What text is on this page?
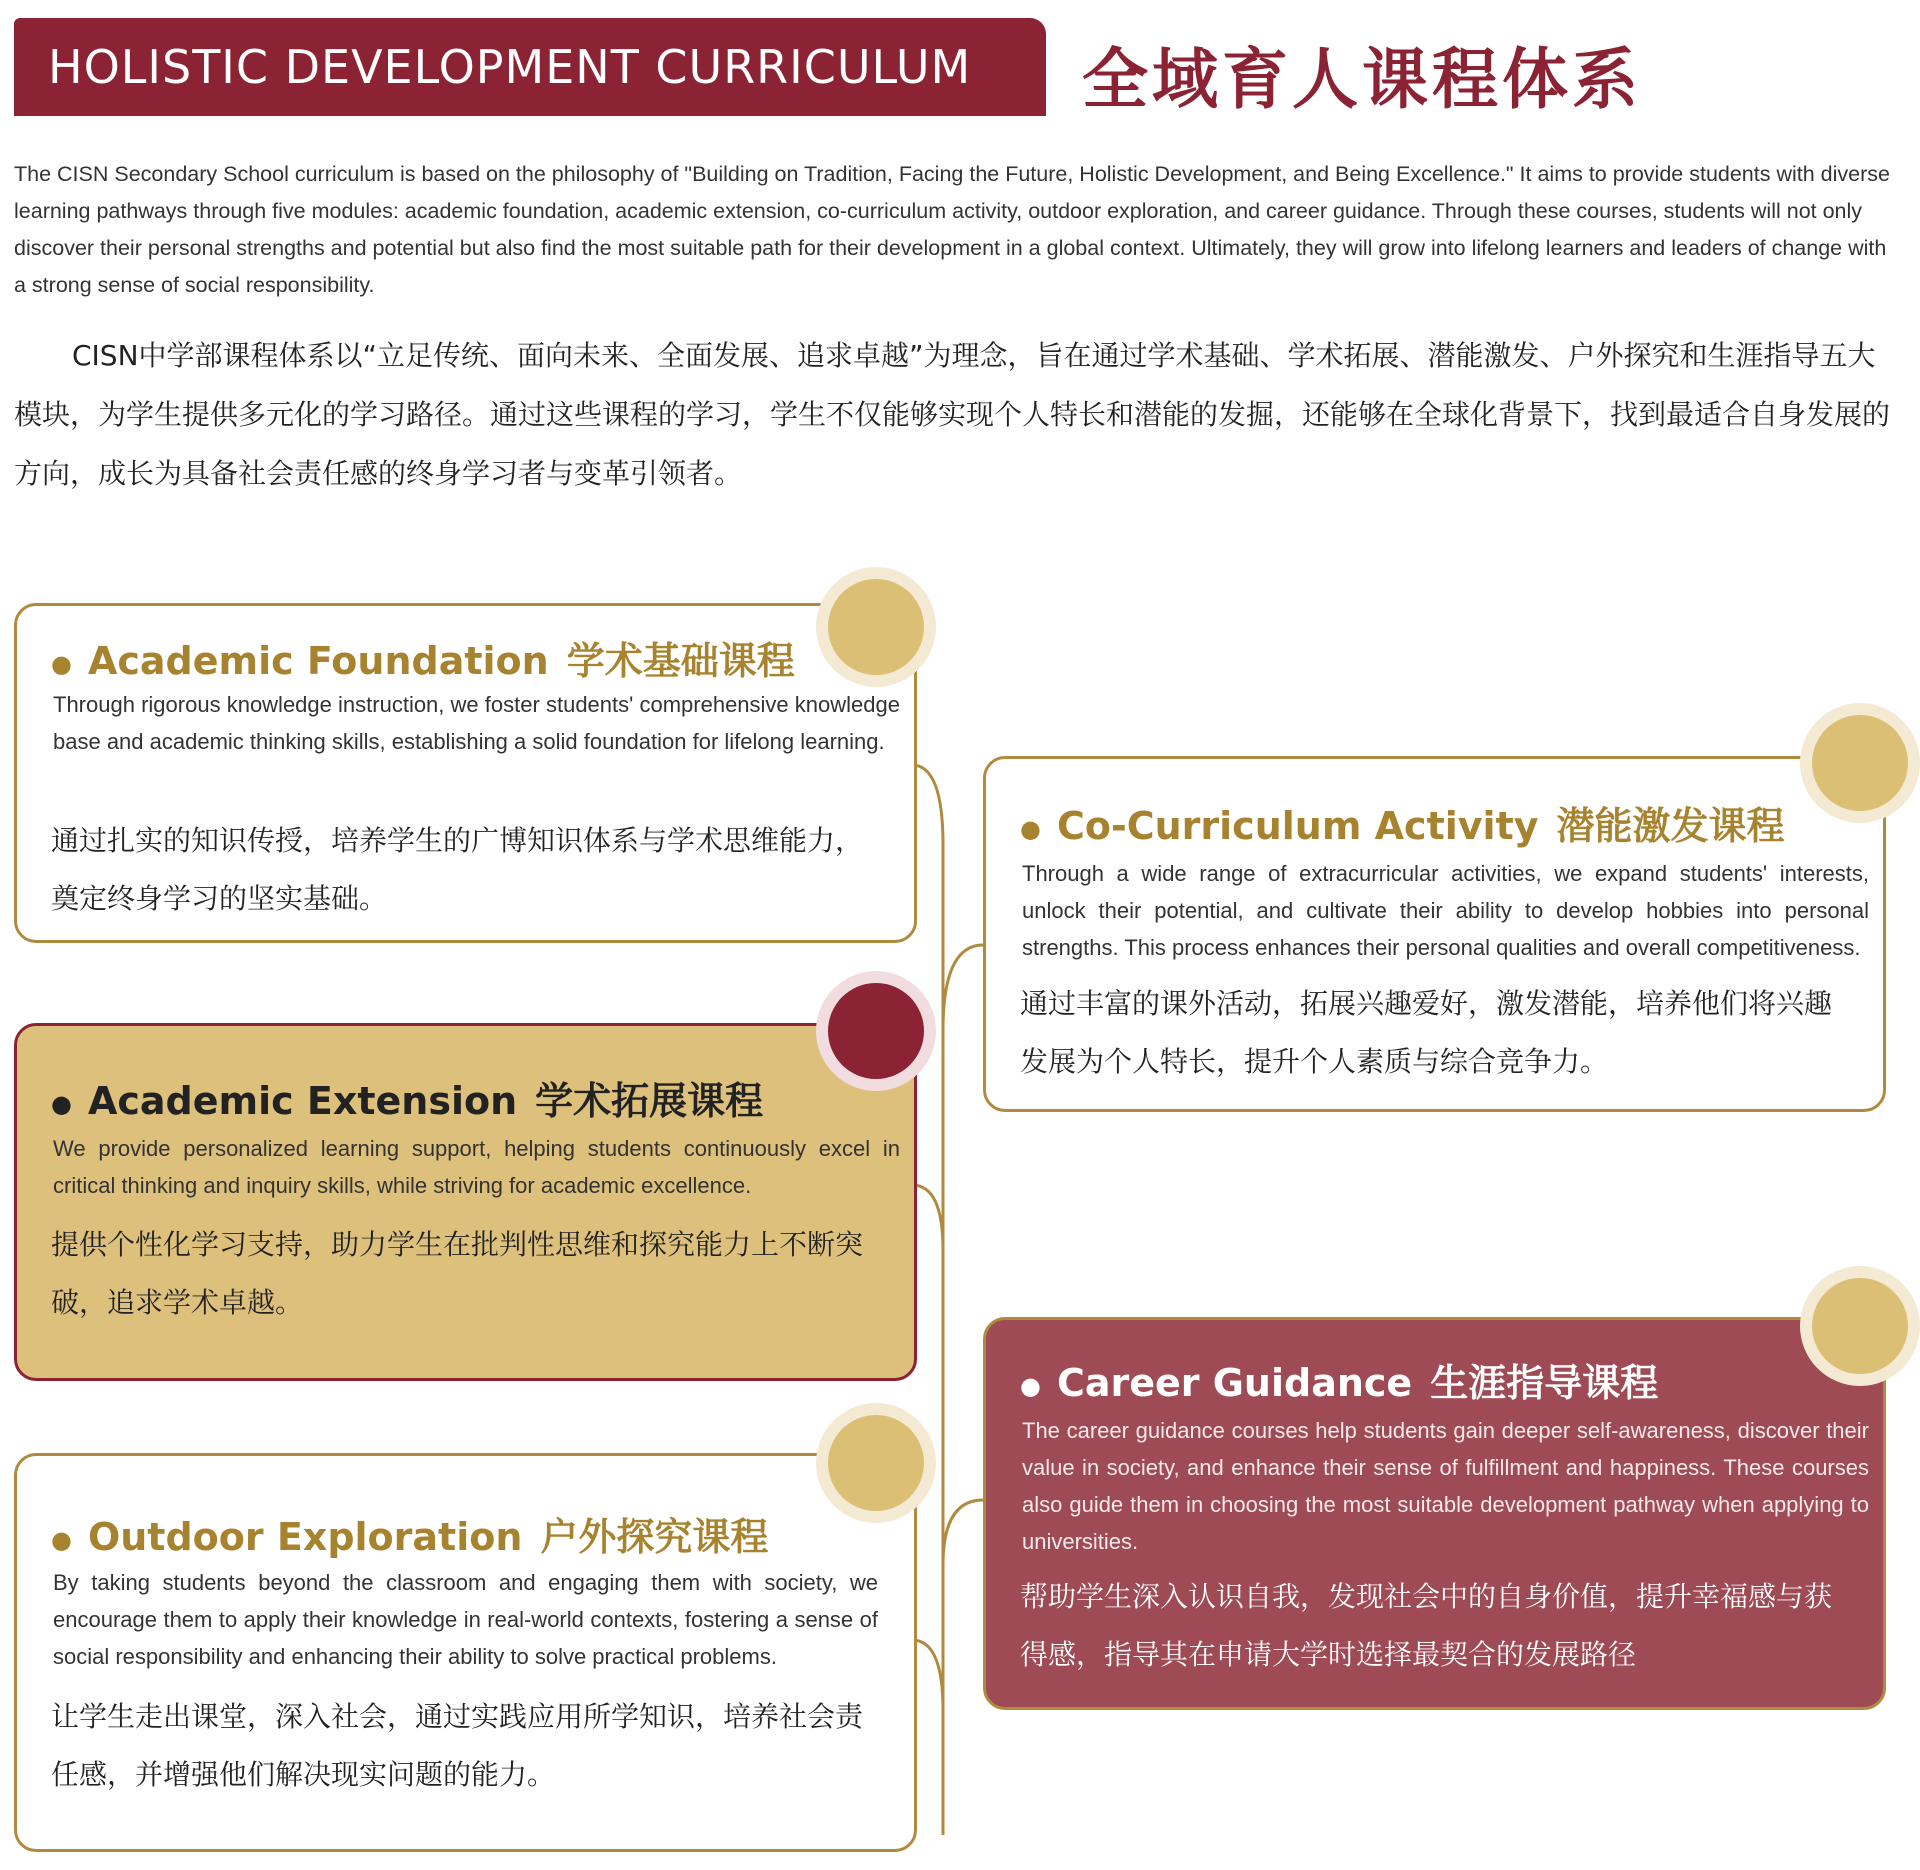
HOLISTIC DEVELOPMENT CURRICULUM 全域育人课程体系
The CISN Secondary School curriculum is based on the philosophy of "Building on Tradition, Facing the Future, Holistic Development, and Being Excellence." It aims to provide students with diverse learning pathways through five modules: academic foundation, academic extension, co-curriculum activity, outdoor exploration, and career guidance. Through these courses, students will not only discover their personal strengths and potential but also find the most suitable path for their development in a global context. Ultimately, they will grow into lifelong learners and leaders of change with a strong sense of social responsibility.
CISN中学部课程体系以“立足传统、面向未来、全面发展、追求卓越”为理念，旨在通过学术基础、学术拓展、潜能激发、户外探究和生涯指导五大模块，为学生提供多元化的学习路径。通过这些课程的学习，学生不仅能够实现个人特长和潜能的发掘，还能够在全球化背景下，找到最适合自身发展的方向，成长为具备社会责任感的终身学习者与变革引领者。
● Academic Foundation 学术基础课程
Through rigorous knowledge instruction, we foster students' comprehensive knowledge base and academic thinking skills, establishing a solid foundation for lifelong learning.
通过扎实的知识传授，培养学生的广博知识体系与学术思维能力，奠定终身学习的坚实基础。
● Co-Curriculum Activity 潜能激发课程
Through a wide range of extracurricular activities, we expand students' interests, unlock their potential, and cultivate their ability to develop hobbies into personal strengths. This process enhances their personal qualities and overall competitiveness.
通过丰富的课外活动，拓展兴趣爱好，激发潜能，培养他们将兴趣发展为个人特长，提升个人素质与综合竞争力。
● Academic Extension 学术拓展课程
We provide personalized learning support, helping students continuously excel in critical thinking and inquiry skills, while striving for academic excellence.
提供个性化学习支持，助力学生在批判性思维和探究能力上不断突破，追求学术卓越。
● Career Guidance 生涯指导课程
The career guidance courses help students gain deeper self-awareness, discover their value in society, and enhance their sense of fulfillment and happiness. These courses also guide them in choosing the most suitable development pathway when applying to universities.
帮助学生深入认识自我，发现社会中的自身价值，提升幸福感与获得感，指导其在申请大学时选择最契合的发展路径
● Outdoor Exploration 户外探究课程
By taking students beyond the classroom and engaging them with society, we encourage them to apply their knowledge in real-world contexts, fostering a sense of social responsibility and enhancing their ability to solve practical problems.
让学生走出课堂，深入社会，通过实践应用所学知识，培养社会责任感，并增强他们解决现实问题的能力。
